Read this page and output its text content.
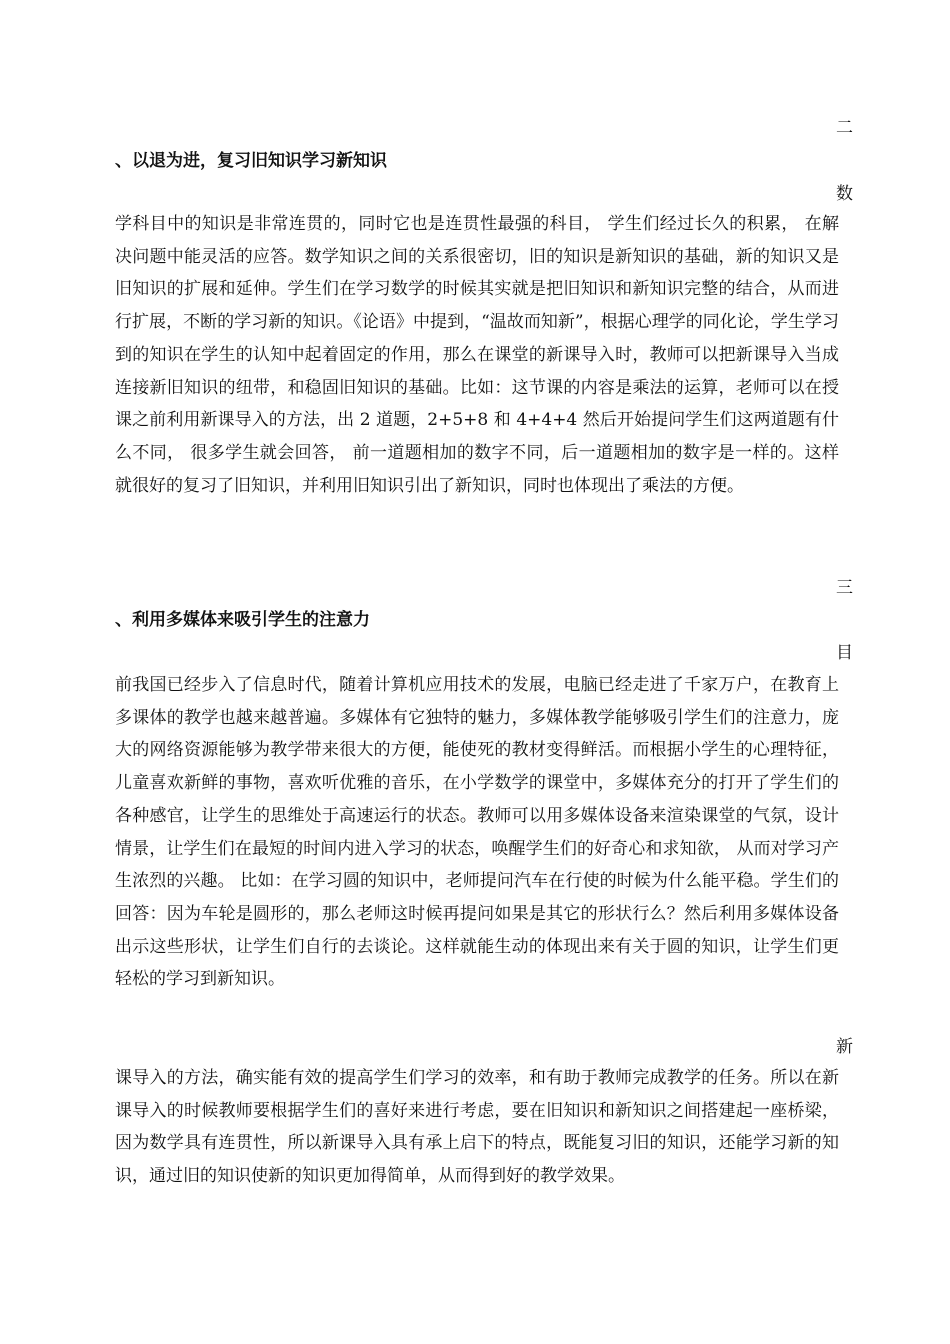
二
、以退为进，复习旧知识学习新知识
数
学科目中的知识是非常连贯的，同时它也是连贯性最强的科目， 学生们经过长久的积累， 在解决问题中能灵活的应答。数学知识之间的关系很密切，旧的知识是新知识的基础，新的知识又是旧知识的扩展和延伸。学生们在学习数学的时候其实就是把旧知识和新知识完整的结合，从而进行扩展，不断的学习新的知识。《论语》中提到，“温故而知新”，根据心理学的同化论，学生学习到的知识在学生的认知中起着固定的作用，那么在课堂的新课导入时，教师可以把新课导入当成连接新旧知识的纽带，和稳固旧知识的基础。比如：这节课的内容是乘法的运算，老师可以在授课之前利用新课导入的方法，出 2 道题，2+5+8 和 4+4+4 然后开始提问学生们这两道题有什么不同， 很多学生就会回答， 前一道题相加的数字不同，后一道题相加的数字是一样的。这样就很好的复习了旧知识，并利用旧知识引出了新知识，同时也体现出了乘法的方便。
三
、利用多媒体来吸引学生的注意力
目
前我国已经步入了信息时代，随着计算机应用技术的发展，电脑已经走进了千家万户，在教育上多课体的教学也越来越普遍。多媒体有它独特的魅力，多媒体教学能够吸引学生们的注意力，庞大的网络资源能够为教学带来很大的方便，能使死的教材变得鲜活。而根据小学生的心理特征，儿童喜欢新鲜的事物，喜欢听优雅的音乐，在小学数学的课堂中，多媒体充分的打开了学生们的各种感官，让学生的思维处于高速运行的状态。教师可以用多媒体设备来渲染课堂的气氛，设计情景，让学生们在最短的时间内进入学习的状态，唤醒学生们的好奇心和求知欲， 从而对学习产生浓烈的兴趣。 比如：在学习圆的知识中，老师提问汽车在行使的时候为什么能平稳。学生们的回答：因为车轮是圆形的，那么老师这时候再提问如果是其它的形状行么？然后利用多媒体设备出示这些形状，让学生们自行的去谈论。这样就能生动的体现出来有关于圆的知识，让学生们更轻松的学习到新知识。
新
课导入的方法，确实能有效的提高学生们学习的效率，和有助于教师完成教学的任务。所以在新课导入的时候教师要根据学生们的喜好来进行考虑，要在旧知识和新知识之间搭建起一座桥梁，因为数学具有连贯性，所以新课导入具有承上启下的特点，既能复习旧的知识，还能学习新的知识，通过旧的知识使新的知识更加得简单，从而得到好的教学效果。
